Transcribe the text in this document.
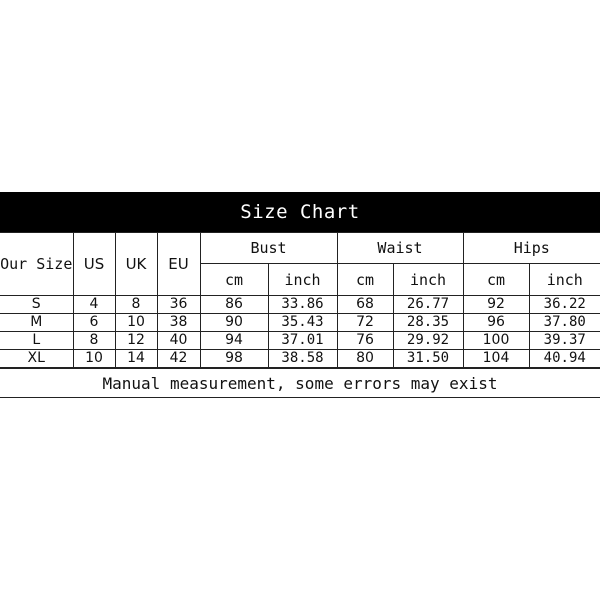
Size Chart
Our Size	US	UK	EU	Bust		Waist		Hips	
				cm	inch	cm	inch	cm	inch
S	4	8	36	86	33.86	68	26.77	92	36.22
M	6	10	38	90	35.43	72	28.35	96	37.80
L	8	12	40	94	37.01	76	29.92	100	39.37
XL	10	14	42	98	38.58	80	31.50	104	40.94
Manual measurement, some errors may exist
